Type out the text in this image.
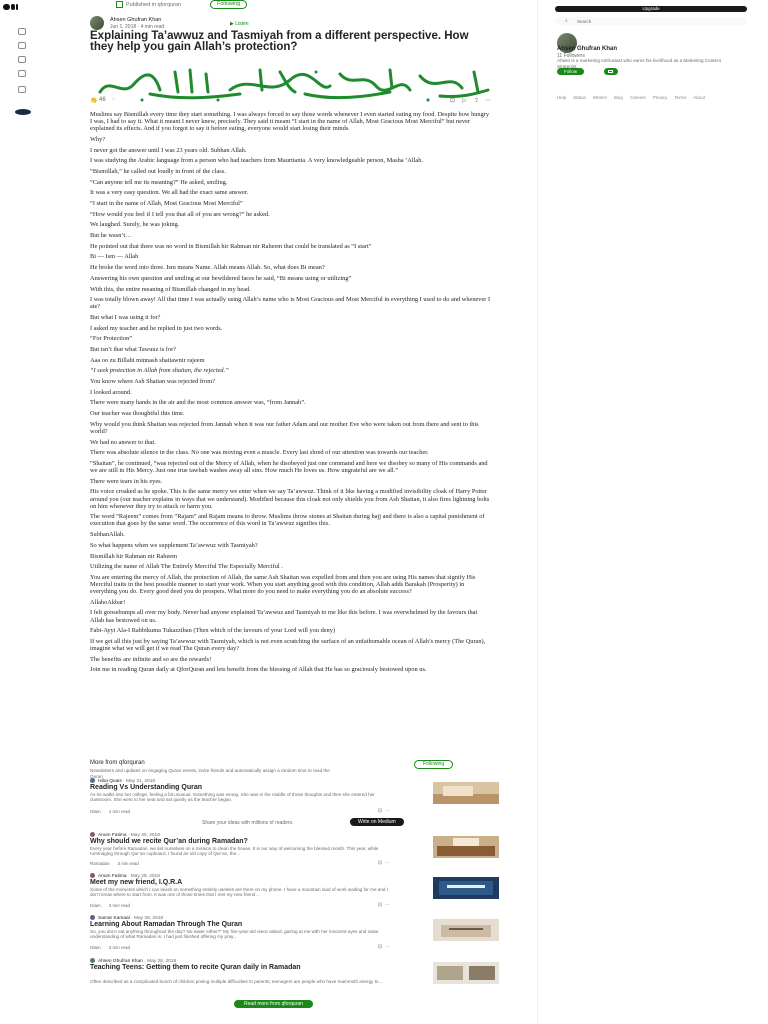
Published in qforquran	Following
Ahsen Ghufran Khan
Jun 1, 2018 · 4 min read	▶ Listen
Explaining Ta’awwuz and Tasmiyah from a different perspective. How they help you gain Allah’s protection?
👏 46 ◌	⊡ ▷ ⇪ ⋯

Muslims say Bismillah every time they start something. I was always forced to say those words whenever I even started eating my food. Despite how hungry I was, I had to say it. What it meant I never knew, precisely. They said it meant “I start in the name of Allah, Most Gracious Most Merciful” but never explained its effects. And if you forgot to say it before eating, everyone would start losing their minds.

Why?

I never got the answer until I was 23 years old. Subhan Allah.

I was studying the Arabic language from a person who had teachers from Mauritania. A very knowledgeable person, Masha ’Allah.

“Bismillah,” he called out loudly in front of the class.

“Can anyone tell me its meaning?” He asked, smiling.

It was a very easy question. We all had the exact same answer.

“I start in the name of Allah, Most Gracious Most Merciful”

“How would you feel if I tell you that all of you are wrong?” he asked.

We laughed. Surely, he was joking.

But he wasn’t…

He pointed out that there was no word in Bismillah hir Rahman nir Raheem that could be translated as “I start”

Bi — Ism — Allah

He broke the word into three. Ism means Name. Allah means Allah. So, what does Bi mean?

Answering his own question and smiling at our bewildered faces he said, “Bi means using or utilizing”

With this, the entire meaning of Bismillah changed in my head.

I was totally blown away! All that time I was actually using Allah’s name who is Most Gracious and Most Merciful in everything I used to do and whenever I ate?

But what I was using it for?

I asked my teacher and he replied in just two words.

“For Protection”

But isn’t that what Tawuuz is for?

Aaa oo zu Billahi minnash shaitawnir rajeem

“I seek protection in Allah from shaitan, the rejected.”

You know where Ash Shaitan was rejected from?

I looked around.

There were many hands in the air and the most common answer was, “from Jannah”.

Our teacher was thoughtful this time.

Why would you think Shaitan was rejected from Jannah when it was our father Adam and our mother Eve who were taken out from there and sent to this world?

We had no answer to that.

There was absolute silence in the class. No one was moving even a muscle. Every last shred of our attention was towards our teacher.

“Shaitan”, he continued, “was rejected out of the Mercy of Allah, when he disobeyed just one command and here we disobey so many of His commands and we are still in His Mercy. Just one true tawbah washes away all sins. How much He loves us. How ungrateful are we all.”

There were tears in his eyes.

His voice croaked as he spoke. This is the same mercy we enter when we say Ta’awwuz. Think of it like having a modified invisibility cloak of Harry Potter around you (our teacher explains in ways that we understand). Modified because this cloak not only shields you from Ash Shaitan, it also fires lightning bolts on him whenever they try to attack or harm you.

The word “Rajeem” comes from “Rajam” and Rajam means to throw. Muslims throw stones at Shaitan during hajj and there is also a capital punishment of execution that goes by the same word. The occurrence of this word in Ta’awwuz signifies this.

SubhanAllah.

So what happens when we supplement Ta’awwuz with Tasmiyah?

Bismillah hir Rahman nir Raheem

Utilizing the name of Allah The Entirely Merciful The Especially Merciful .

You are entering the mercy of Allah, the protection of Allah, the same Ash Shaitan was expelled from and then you are using His names that signify His Merciful traits in the best possible manner to start your work. When you start anything good with this condition, Allah adds Barakah (Prosperity) in everything you do. Every good deed you do prospers. What more do you need to make everything you do an absolute success?

AllahoAkbar!

I felt goosebumps all over my body. Never had anyone explained Ta’awwuz and Tasmiyah to me like this before. I was overwhelmed by the favours that Allah has bestowed on us.

Fabi-Ayyi Ala-I Rabbikuma Tukazziban (Then which of the favours of your Lord will you deny)

If we get all this just by saying Ta’awwuz with Tasmiyah, which is not even scratching the surface of an unfathomable ocean of Allah’s mercy (The Quran), imagine what we will get if we read The Quran every day?

The benefits are infinite and so are the rewards!

Join me in reading Quran daily at QforQuran and lets benefit from the blessing of Allah that He has so graciously bestowed upon us.

More from qforquran
Newsletters and updates on engaging Quran events, invite friends and automatically assign a random time to read the Quran
Following
Hiba Quais · May 31, 2018
Reading Vs Understanding Quran
As he walks into her college, feeling a bit unusual. Something was wrong. She was in the middle of those thoughts and then she entered her classroom. She went to her seat and sat quietly as the teacher began.
Islam 4 min read	⊡  ⋯
Share your ideas with millions of readers.	Write on Medium
Anum Fatima · May 30, 2018
Why should we recite Qur’an during Ramadan?
Every year before Ramadan, we set ourselves on a mission to clean the house. It is our way of welcoming the blessed month. This year, while rummaging through Qur’an cupboard, I found an old copy of Qur’an, the…
Ramadan 3 min read	⊡  ⋯
Anum Fatima · May 29, 2018
Meet my new friend, I.Q.R.A
Some of the moments which I can lavish on something entirely useless are there on my phone. I have a mountain load of work waiting for me and I don’t know where to start from. It was one of those times that I met my new friend…
Islam 3 min read	⊡  ⋯
Samar Kamaal · May 28, 2018
Learning About Ramadan Through The Quran
So, you don’t eat anything throughout the day? No water either?” My five-year-old niece asked, gazing at me with her innocent eyes and naive understanding of what Ramadan is. I had just finished offering my pray…
Islam 3 min read	⊡  ⋯
Ahsen Ghufran Khan · May 28, 2018
Teaching Teens: Getting them to recite Quran daily in Ramadan
Often described as a complicated bunch of children posing multiple difficulties to parents, teenagers are people who have mammoth energy to…
Read more from qforquran
Upgrade
⌕ Search
Ahsen Ghufran Khan
11 Followers
Ahsen is a marketing enthusiast who earns his livelihood as a Marketing Content Strategist.
Follow
Help Status Writers Blog Careers Privacy Terms About
